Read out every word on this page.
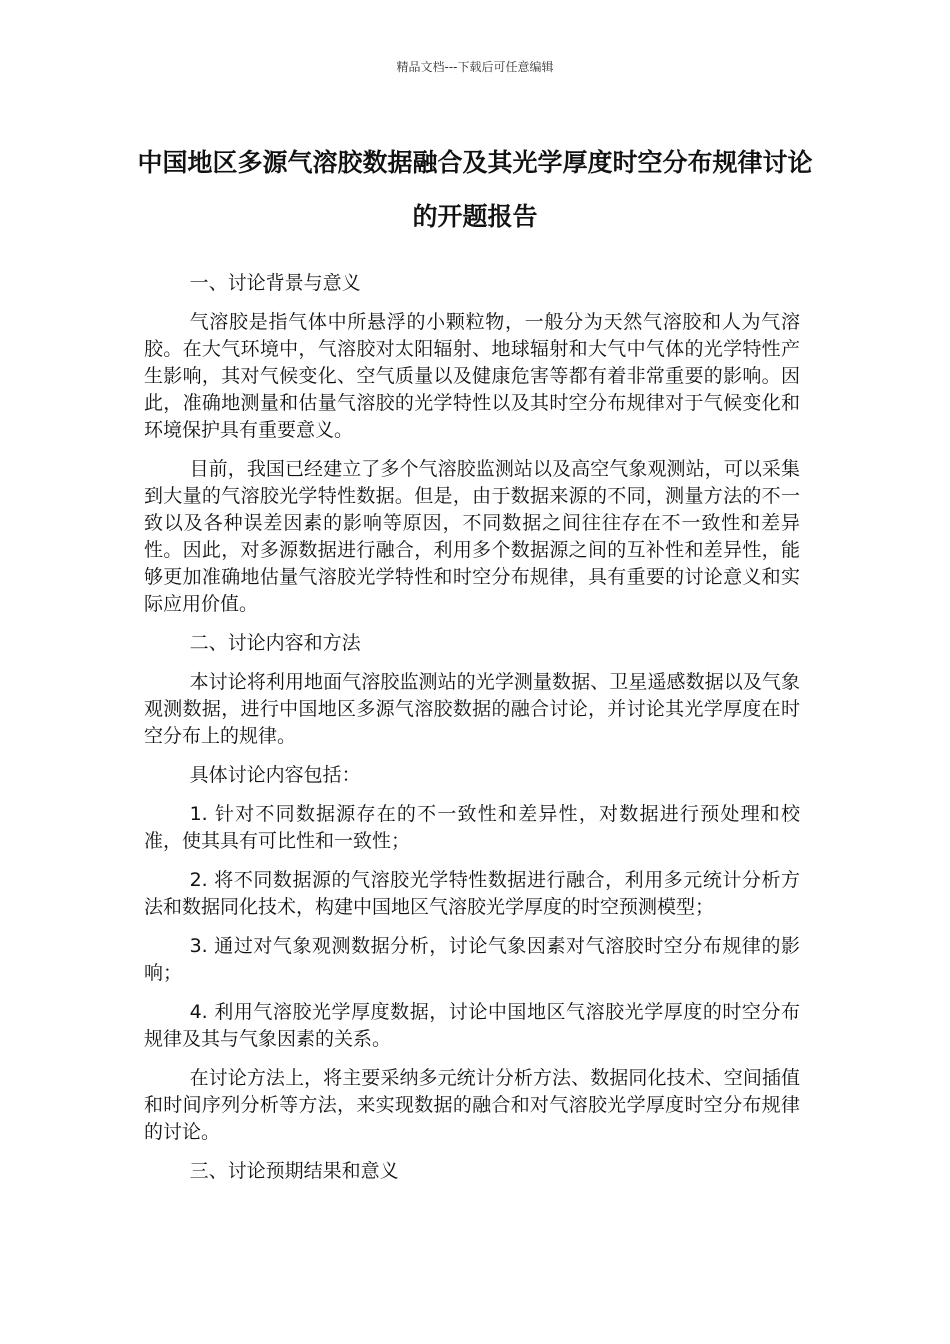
精品文档---下载后可任意编辑
中国地区多源气溶胶数据融合及其光学厚度时空分布规律讨论的开题报告

一、讨论背景与意义

气溶胶是指气体中所悬浮的小颗粒物，一般分为天然气溶胶和人为气溶胶。在大气环境中，气溶胶对太阳辐射、地球辐射和大气中气体的光学特性产生影响，其对气候变化、空气质量以及健康危害等都有着非常重要的影响。因此，准确地测量和估量气溶胶的光学特性以及其时空分布规律对于气候变化和环境保护具有重要意义。

目前，我国已经建立了多个气溶胶监测站以及高空气象观测站，可以采集到大量的气溶胶光学特性数据。但是，由于数据来源的不同，测量方法的不一致以及各种误差因素的影响等原因，不同数据之间往往存在不一致性和差异性。因此，对多源数据进行融合，利用多个数据源之间的互补性和差异性，能够更加准确地估量气溶胶光学特性和时空分布规律，具有重要的讨论意义和实际应用价值。

二、讨论内容和方法

本讨论将利用地面气溶胶监测站的光学测量数据、卫星遥感数据以及气象观测数据，进行中国地区多源气溶胶数据的融合讨论，并讨论其光学厚度在时空分布上的规律。

具体讨论内容包括：

1. 针对不同数据源存在的不一致性和差异性，对数据进行预处理和校准，使其具有可比性和一致性；

2. 将不同数据源的气溶胶光学特性数据进行融合，利用多元统计分析方法和数据同化技术，构建中国地区气溶胶光学厚度的时空预测模型；

3. 通过对气象观测数据分析，讨论气象因素对气溶胶时空分布规律的影响；

4. 利用气溶胶光学厚度数据，讨论中国地区气溶胶光学厚度的时空分布规律及其与气象因素的关系。

在讨论方法上，将主要采纳多元统计分析方法、数据同化技术、空间插值和时间序列分析等方法，来实现数据的融合和对气溶胶光学厚度时空分布规律的讨论。

三、讨论预期结果和意义
